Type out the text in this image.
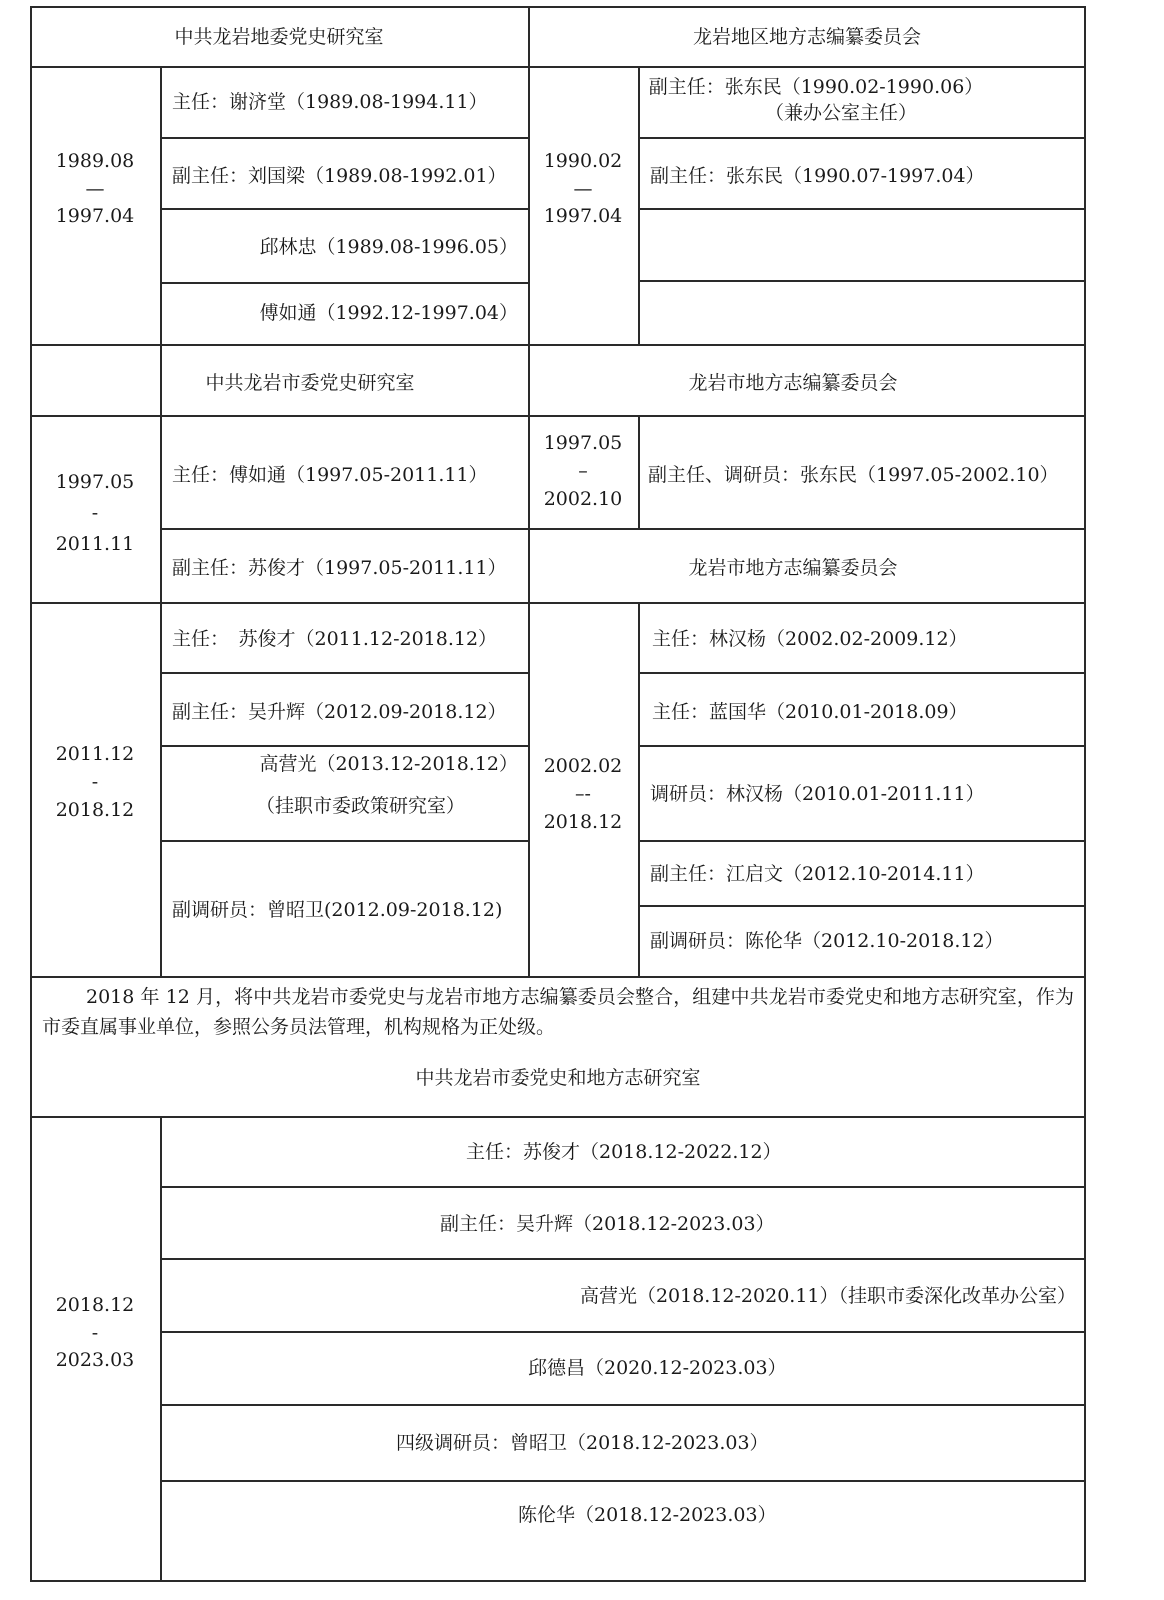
中共龙岩地委党史研究室	龙岩地区地方志编纂委员会
1989.08
—
1997.04
1990.02
—
1997.04
主任：谢济堂（1989.08-1994.11）
副主任：刘国梁（1989.08-1992.01）
邱林忠（1989.08-1996.05）
傅如通（1992.12-1997.04）
副主任：张东民（1990.02-1990.06）
（兼办公室主任）
副主任：张东民（1990.07-1997.04）
中共龙岩市委党史研究室	龙岩市地方志编纂委员会
1997.05
-
2011.11
1997.05
–
2002.10
主任：傅如通（1997.05-2011.11）
副主任：苏俊才（1997.05-2011.11）
副主任、调研员：张东民（1997.05-2002.10）
龙岩市地方志编纂委员会
2011.12
-
2018.12
2002.02
–-
2018.12
主任：　苏俊才（2011.12-2018.12）
副主任：吴升辉（2012.09-2018.12）
高营光（2013.12-2018.12）
（挂职市委政策研究室）
副调研员：曾昭卫(2012.09-2018.12)
主任：林汉杨（2002.02-2009.12）
主任：蓝国华（2010.01-2018.09）
调研员：林汉杨（2010.01-2011.11）
副主任：江启文（2012.10-2014.11）
副调研员：陈伦华（2012.10-2018.12）
2018 年 12 月，将中共龙岩市委党史与龙岩市地方志编纂委员会整合，组建中共龙岩市委党史和地方志研究室，作为市委直属事业单位，参照公务员法管理，机构规格为正处级。
中共龙岩市委党史和地方志研究室
2018.12
-
2023.03
主任：苏俊才（2018.12-2022.12）
副主任：吴升辉（2018.12-2023.03）
高营光（2018.12-2020.11）（挂职市委深化改革办公室）
邱德昌（2020.12-2023.03）
四级调研员：曾昭卫（2018.12-2023.03）
陈伦华（2018.12-2023.03）
